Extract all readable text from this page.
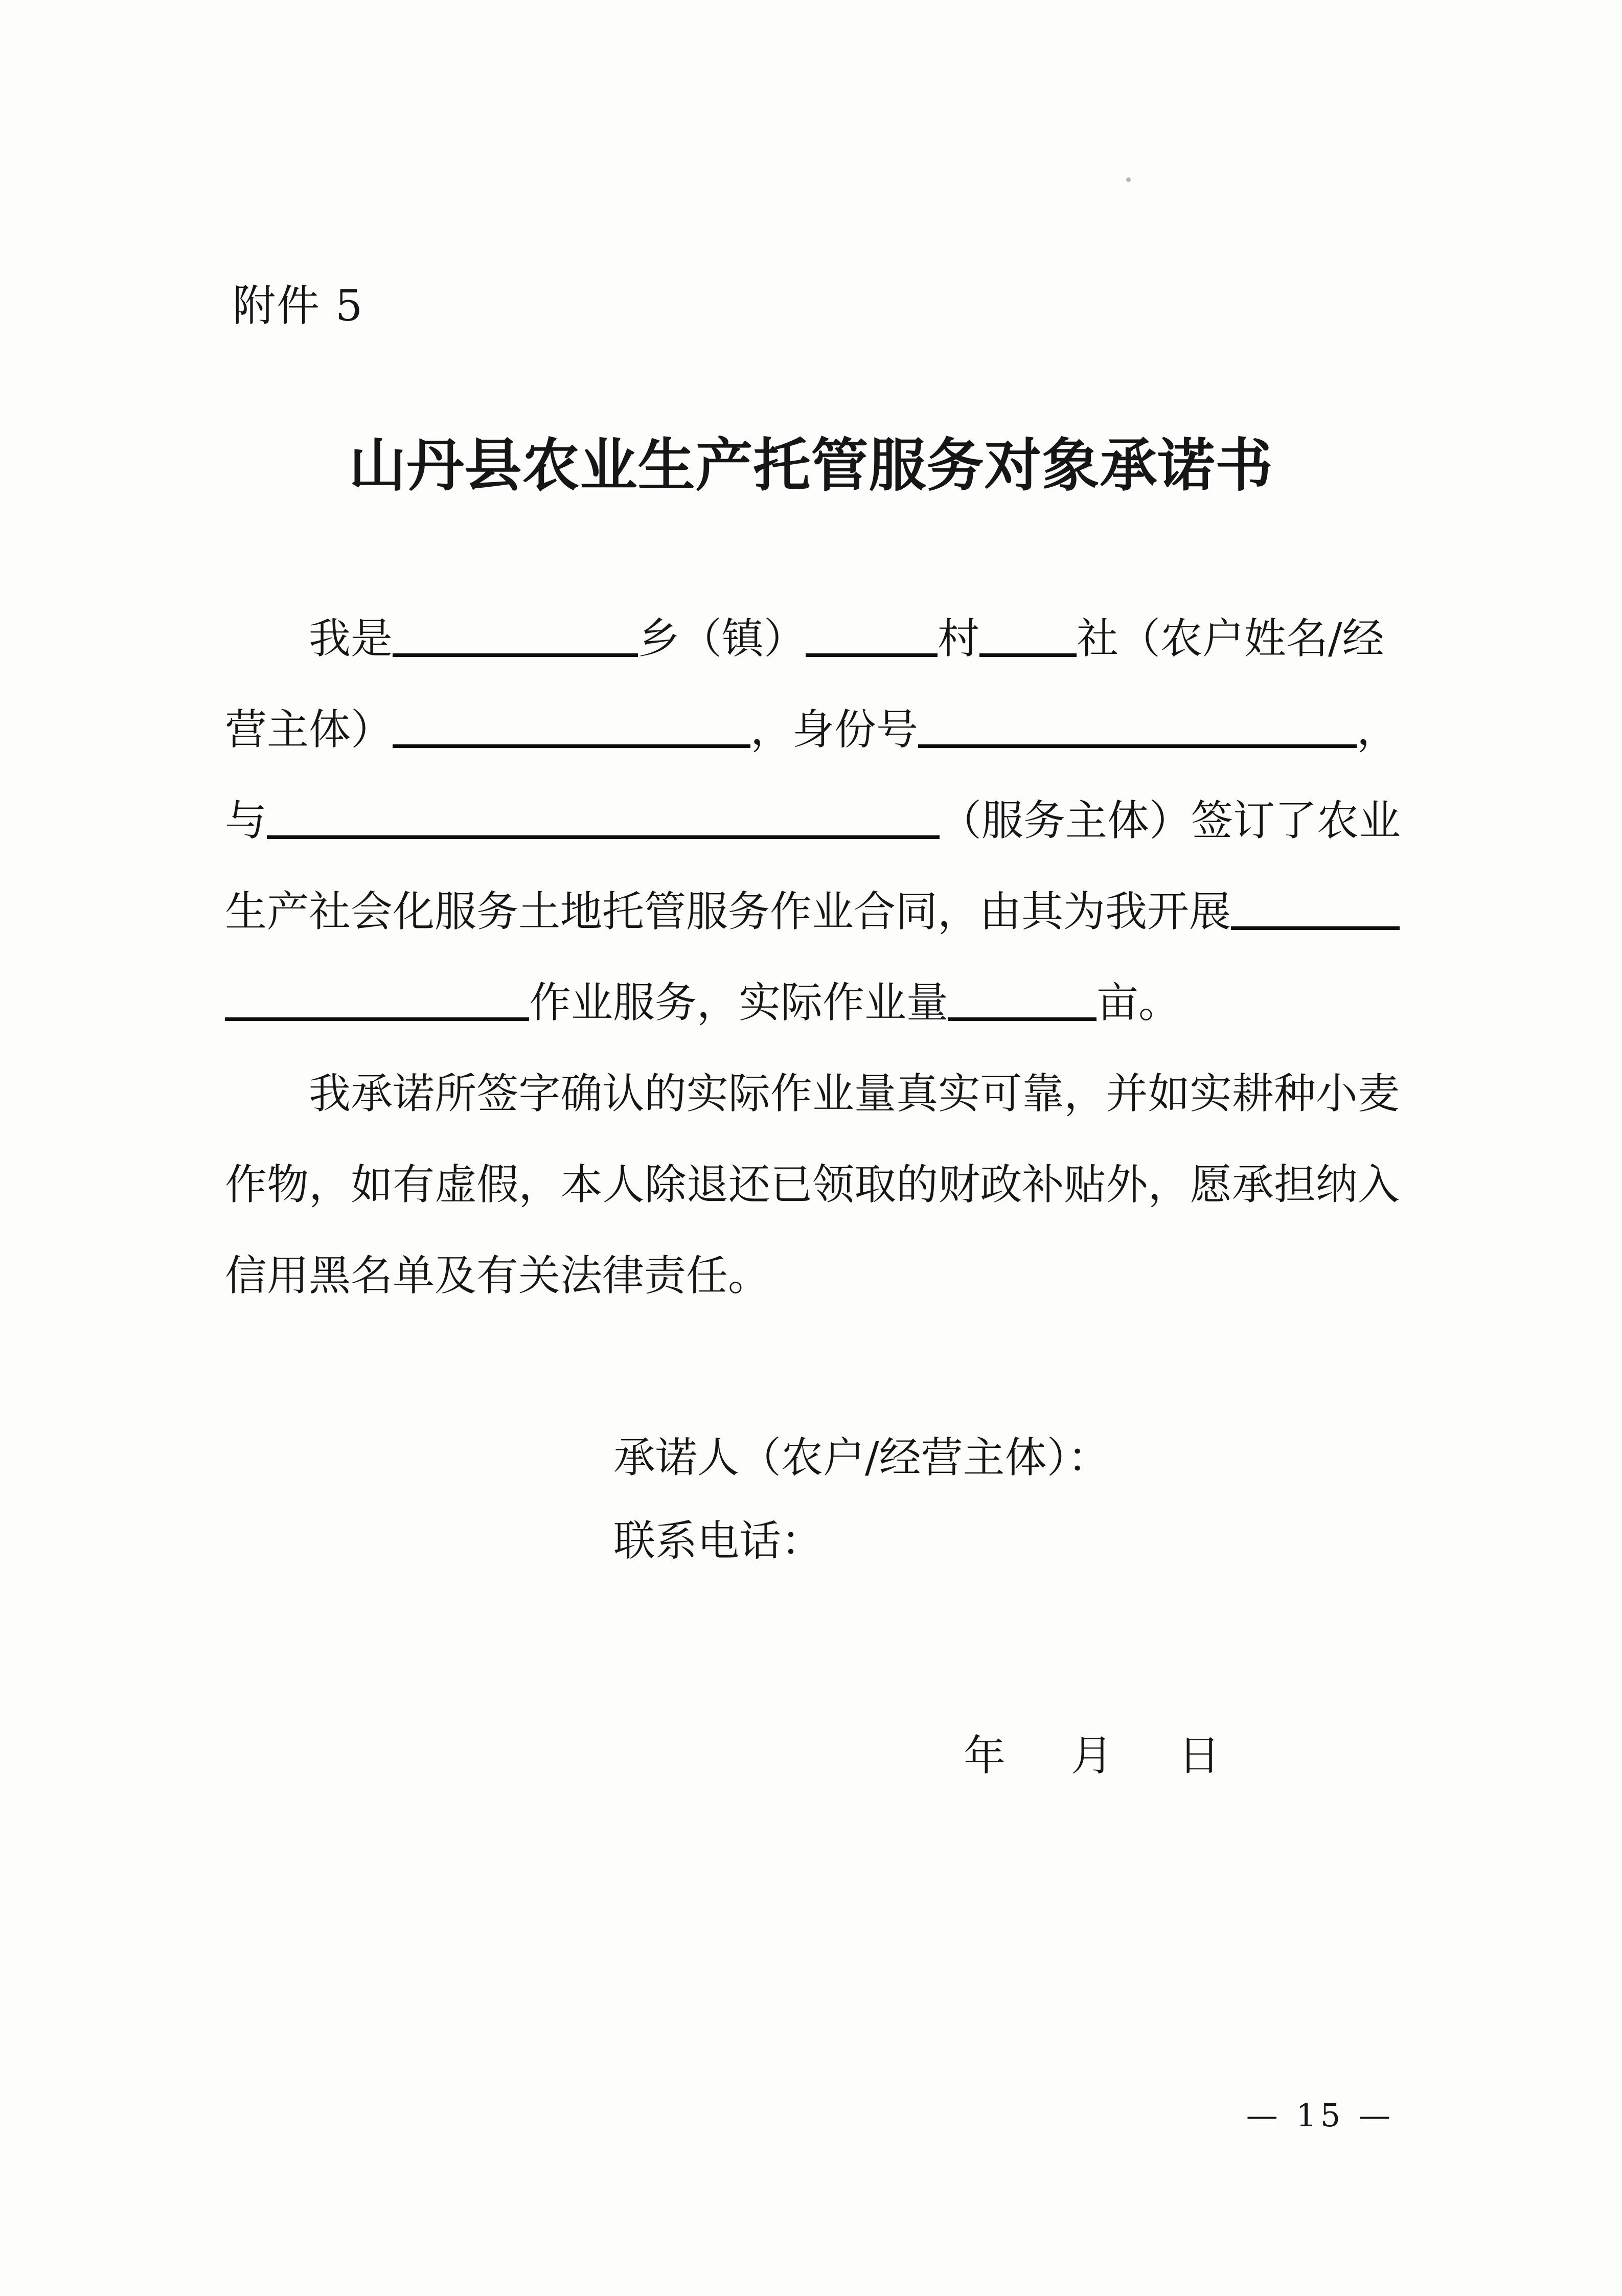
附件 5
山丹县农业生产托管服务对象承诺书
我是	乡（镇）	村 社（农户姓名/经
营主体）	，身份号	，
与	（服务主体）签订了农业
生产社会化服务土地托管服务作业合同，由其为我开展
作业服务，实际作业量	亩。
我承诺所签字确认的实际作业量真实可靠，并如实耕种小麦
作物，如有虚假，本人除退还已领取的财政补贴外，愿承担纳入
信用黑名单及有关法律责任。
承诺人（农户/经营主体）：
联系电话：
年 月 日
— 15 —
